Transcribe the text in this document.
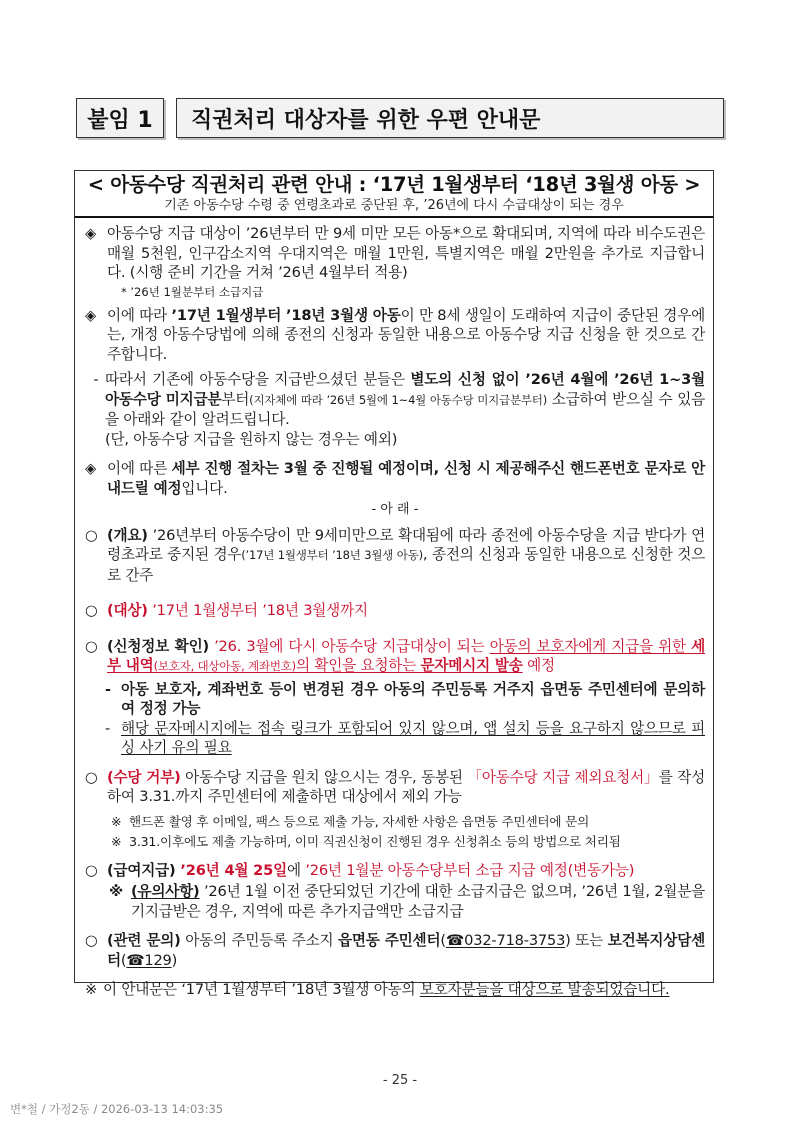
붙임 1 직권처리 대상자를 위한 우편 안내문
< 아동수당 직권처리 관련 안내 : ‘17년 1월생부터 ‘18년 3월생 아동 >
기존 아동수당 수령 중 연령초과로 중단된 후, ’26년에 다시 수급대상이 되는 경우
◈ 아동수당 지급 대상이 ’26년부터 만 9세 미만 모든 아동*으로 확대되며, 지역에 따라 비수도권은 매월 5천원, 인구감소지역 우대지역은 매월 1만원, 특별지역은 매월 2만원을 추가로 지급합니다. (시행 준비 기간을 거쳐 ’26년 4월부터 적용)
* ’26년 1월분부터 소급지급
◈ 이에 따라 ’17년 1월생부터 ’18년 3월생 아동이 만 8세 생일이 도래하여 지급이 중단된 경우에는, 개정 아동수당법에 의해 종전의 신청과 동일한 내용으로 아동수당 지급 신청을 한 것으로 간주합니다.
- 따라서 기존에 아동수당을 지급받으셨던 분들은 별도의 신청 없이 ’26년 4월에 ’26년 1~3월 아동수당 미지급분부터(지자체에 따라 ’26년 5월에 1~4월 아동수당 미지급분부터) 소급하여 받으실 수 있음을 아래와 같이 알려드립니다.
(단, 아동수당 지급을 원하지 않는 경우는 예외)
◈ 이에 따른 세부 진행 절차는 3월 중 진행될 예정이며, 신청 시 제공해주신 핸드폰번호 문자로 안내드릴 예정입니다.
- 아 래 -
○ (개요) ’26년부터 아동수당이 만 9세미만으로 확대됨에 따라 종전에 아동수당을 지급 받다가 연령초과로 중지된 경우(’17년 1월생부터 ’18년 3월생 아동), 종전의 신청과 동일한 내용으로 신청한 것으로 간주
○ (대상) ’17년 1월생부터 ’18년 3월생까지
○ (신청정보 확인) ’26. 3월에 다시 아동수당 지급대상이 되는 아동의 보호자에게 지급을 위한 세부 내역(보호자, 대상아동, 계좌번호)의 확인을 요청하는 문자메시지 발송 예정
- 아동 보호자, 계좌번호 등이 변경된 경우 아동의 주민등록 거주지 읍면동 주민센터에 문의하여 정정 가능
- 해당 문자메시지에는 접속 링크가 포함되어 있지 않으며, 앱 설치 등을 요구하지 않으므로 피싱 사기 유의 필요
○ (수당 거부) 아동수당 지급을 원치 않으시는 경우, 동봉된 「아동수당 지급 제외요청서」를 작성하여 3.31.까지 주민센터에 제출하면 대상에서 제외 가능
※ 핸드폰 촬영 후 이메일, 팩스 등으로 제출 가능, 자세한 사항은 읍면동 주민센터에 문의
※ 3.31.이후에도 제출 가능하며, 이미 직권신청이 진행된 경우 신청취소 등의 방법으로 처리됨
○ (급여지급) ’26년 4월 25일에 ’26년 1월분 아동수당부터 소급 지급 예정(변동가능)
※ (유의사항) ’26년 1월 이전 중단되었던 기간에 대한 소급지급은 없으며, ’26년 1월, 2월분을 기지급받은 경우, 지역에 따른 추가지급액만 소급지급
○ (관련 문의) 아동의 주민등록 주소지 읍면동 주민센터(☎032-718-3753) 또는 보건복지상담센터(☎129)
※ 이 안내문은 ‘17년 1월생부터 ’18년 3월생 아동의 보호자분들을 대상으로 발송되었습니다.
- 25 -
변*철 / 가정2동 / 2026-03-13 14:03:35
